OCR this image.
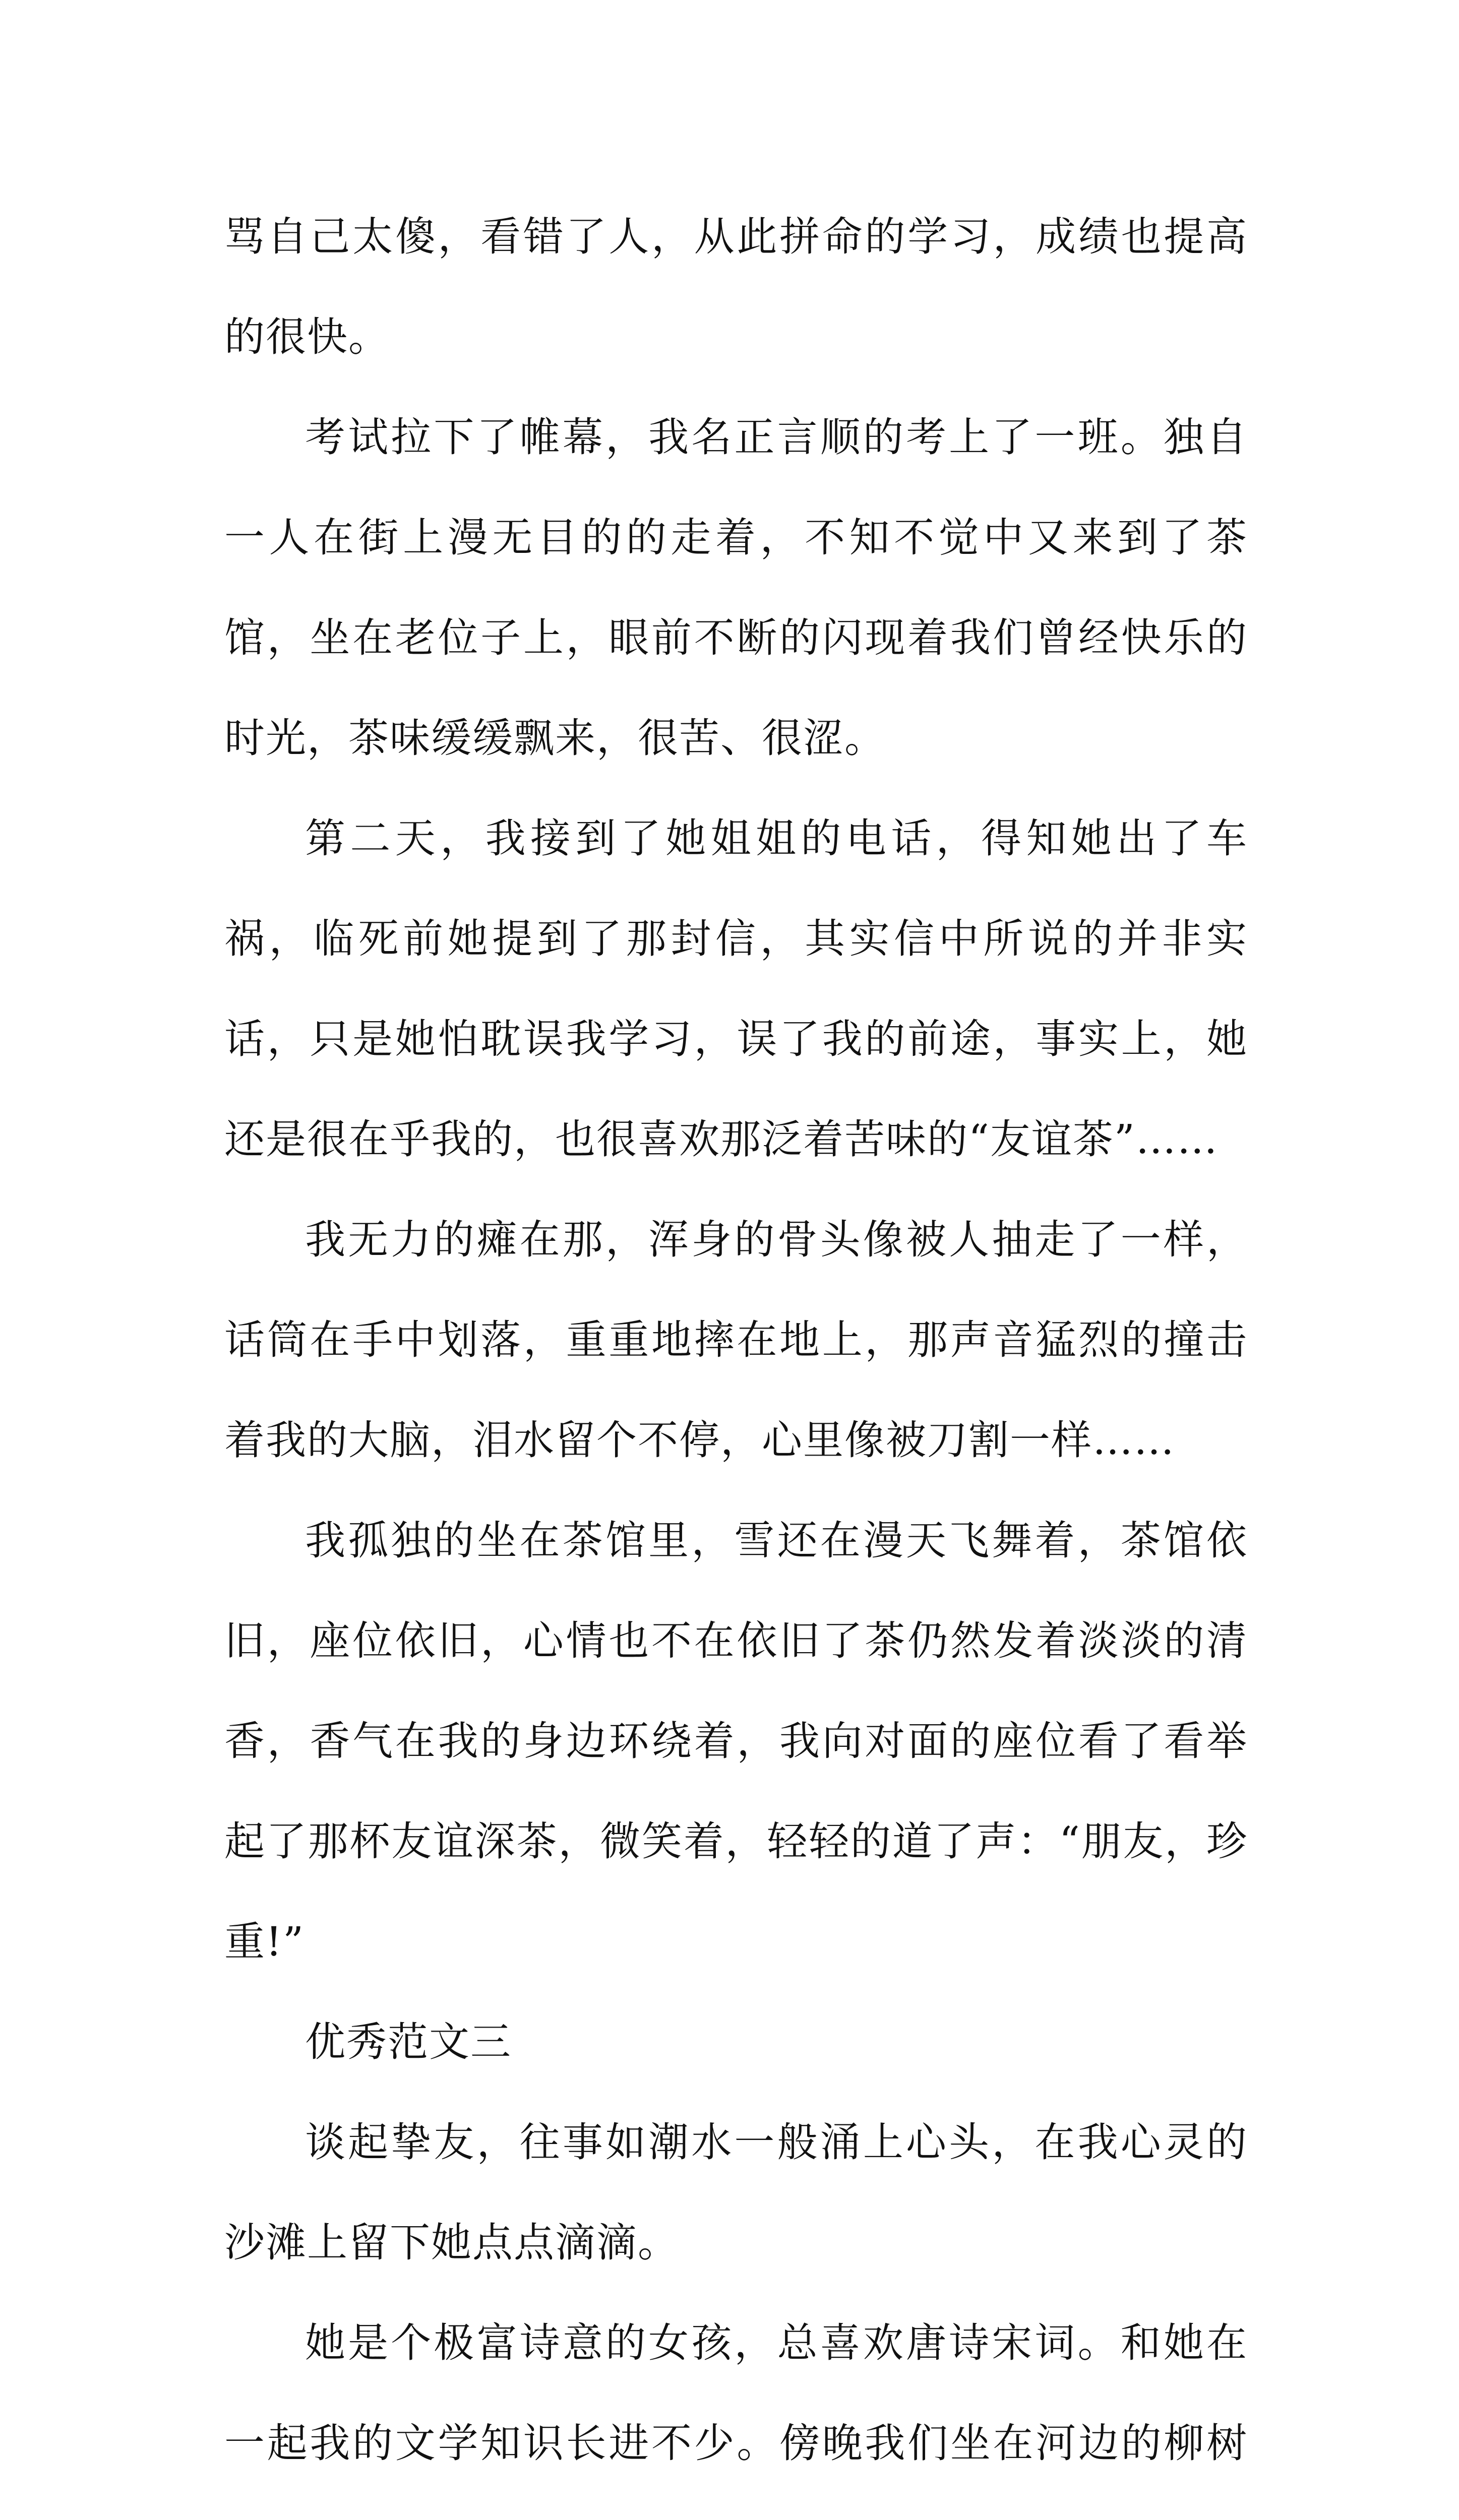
骂自己太傻，看错了人，从此拼命的学习，成绩也提高的很快。

考试拉下了帷幕，我名正言顺的考上了一班。独自一人在街上漫无目的的走着，不知不觉中又来到了茶馆，坐在老位子上，眼前不断的闪现着我们曾经快乐的时光，茶味缓缓飘来，很苦、很涩。

第二天，我接到了她姐姐的电话，得知她出了车祸，临死前她提到了那封信，其实信中所说的并非实话，只是她怕耽误我学习，误了我的前途，事实上，她还是很在乎我的，也很喜欢那泛着苦味的“友谊茶”……

我无力的瘫在那，浑身的骨头像被人抽走了一样，话筒在手中划落，重重地摔在地上，那声音猛烈的撞击着我的大脑，泪水留个不停，心里像被刀割一样……

我孤独的坐在茶馆里，雪还在漫天飞舞着，茶馆依旧，座位依旧，心情也不在依旧了茶仍然发着淡淡的清香，香气在我的身边环绕着，我向对面的座位看了看举起了那杯友谊深茶，微笑着，轻轻的道了声：“朋友，珍重!”

优秀范文三

谈起挚友，往事如潮水一般涌上心头，在我心灵的沙滩上留下她点点滴滴。

她是个极富诗意的女孩，总喜欢唐诗宋词。和她在一起我的文学知识长进不少。傍晚我们坐在河边的柳树
